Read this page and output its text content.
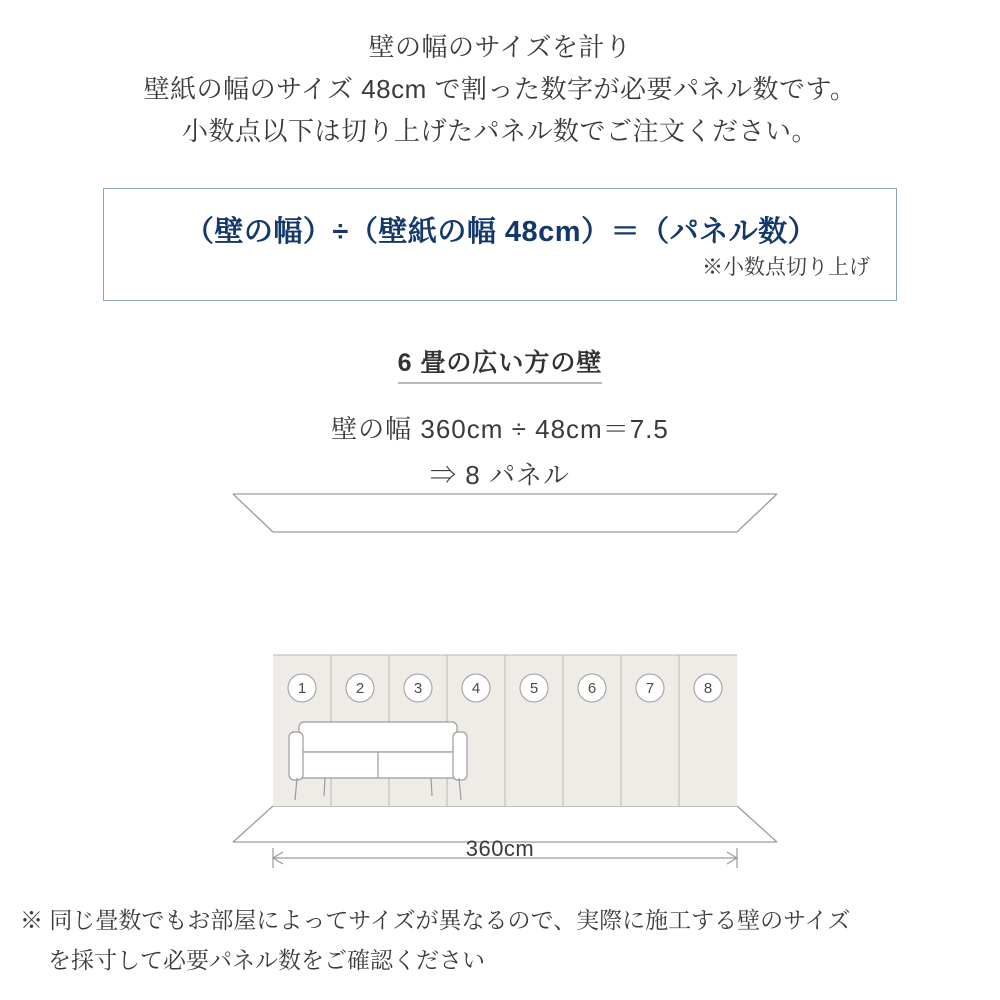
壁の幅のサイズを計り
壁紙の幅のサイズ 48cm で割った数字が必要パネル数です。
小数点以下は切り上げたパネル数でご注文ください。
（壁の幅）÷（壁紙の幅 48cm）＝（パネル数）
※小数点切り上げ
6 畳の広い方の壁
壁の幅 360cm ÷ 48cm＝7.5
⇒ 8 パネル
1	2	3	4	5	6	7	8
360cm
※ 同じ畳数でもお部屋によってサイズが異なるので、実際に施工する壁のサイズ
を採寸して必要パネル数をご確認ください
